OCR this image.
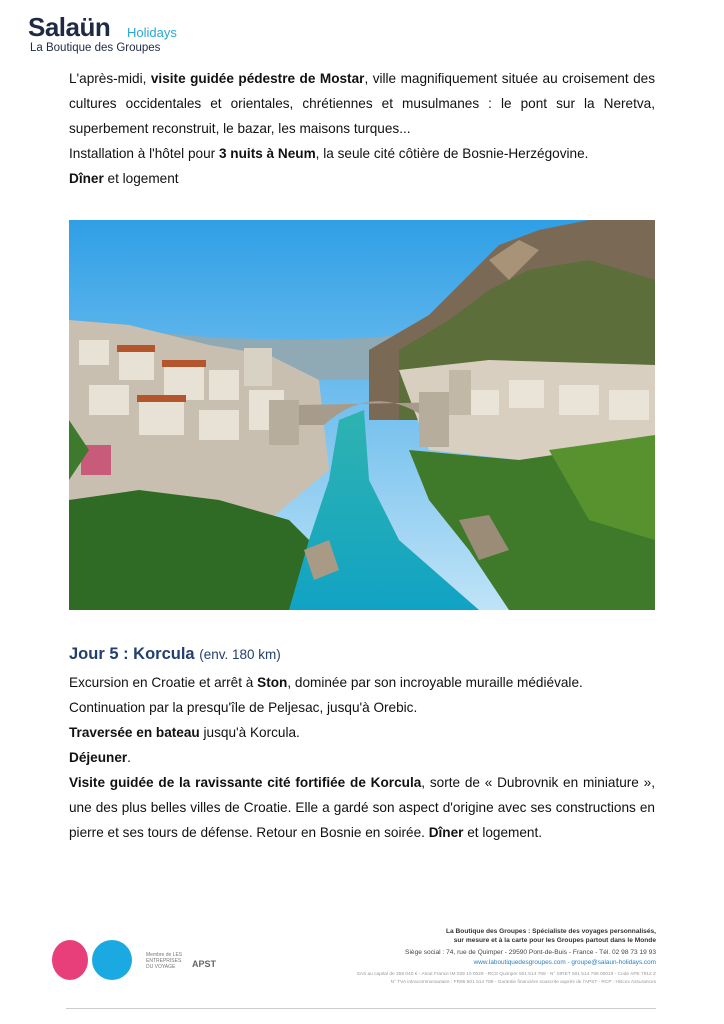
Salaün Holidays
La Boutique des Groupes

L'après-midi, visite guidée pédestre de Mostar, ville magnifiquement située au croisement des cultures occidentales et orientales, chrétiennes et musulmanes : le pont sur la Neretva, superbement reconstruit, le bazar, les maisons turques...

Installation à l'hôtel pour 3 nuits à Neum, la seule cité côtière de Bosnie-Herzégovine.

Dîner et logement

Jour 5 : Korcula (env. 180 km)

Excursion en Croatie et arrêt à Ston, dominée par son incroyable muraille médiévale.

Continuation par la presqu'île de Peljesac, jusqu'à Orebic.

Traversée en bateau jusqu'à Korcula.

Déjeuner.

Visite guidée de la ravissante cité fortifiée de Korcula, sorte de « Dubrovnik en miniature », une des plus belles villes de Croatie. Elle a gardé son aspect d'origine avec ses constructions en pierre et ses tours de défense. Retour en Bosnie en soirée. Dîner et logement.

Membre de LES ENTREPRISES DU VOYAGE	APST
La Boutique des Groupes : Spécialiste des voyages personnalisés,
sur mesure et à la carte pour les Groupes partout dans le Monde
Siège social : 74, rue de Quimper - 29590 Pont-de-Buis - France - Tél. 02 98 73 19 93
www.laboutiquedesgroupes.com - groupe@salaun-holidays.com
SAS au capital de 359 040 € - Atout France IM 029 10 0029 - RCS Quimper 501 514 789 - N° SIRET 501 514 789 00019 - Code APE 7912 Z
N° TVA intracommunautaire : FR85 501 514 789 - Garantie financière souscrite auprès de l'APST - RCP : Hiscox Assurances
